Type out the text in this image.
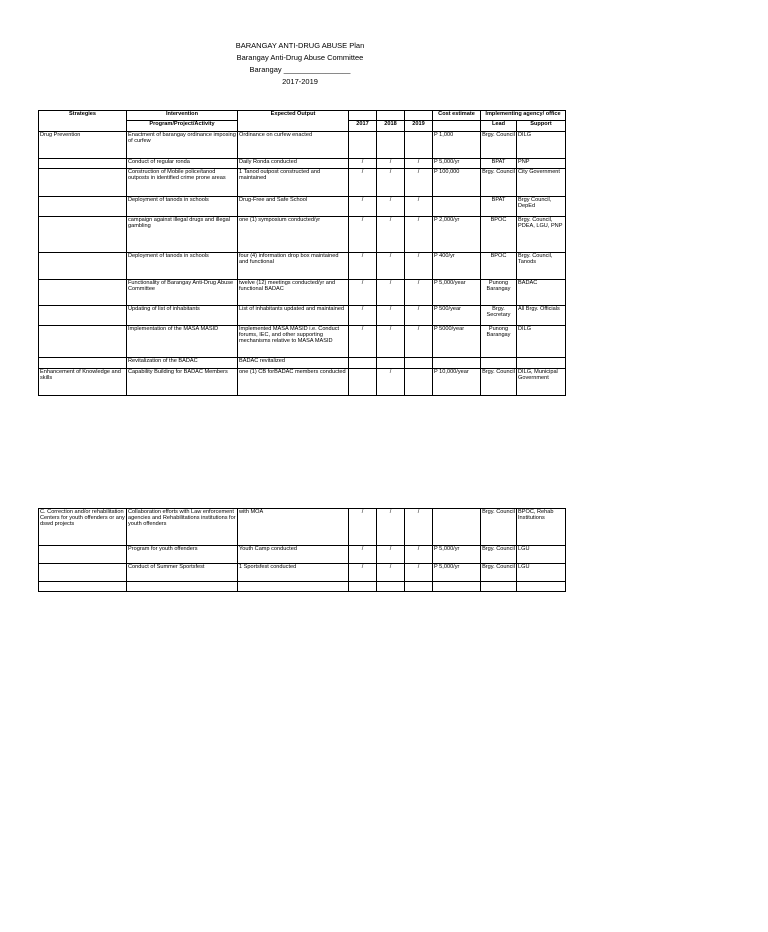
BARANGAY ANTI-DRUG ABUSE Plan
Barangay Anti-Drug Abuse Committee
Barangay ________________
2017-2019
Strategies	Intervention	Expected Output				Cost estimate	Implementing agency/ office	
	Program/Project/Activity		2017	2018	2019		Lead	Support
Drug Prevention	Enactment of barangay ordinance imposing of curfew	Ordinance on curfew enacted				P 1,000	Brgy. Council	DILG
	Conduct of regular ronda	Daily Ronda conducted	/	/	/	P 5,000/yr	BPAT	PNP
	Construction of Mobile police/tanod outposts in identified crime prone areas	1 Tanod outpost constructed and maintained	/	/	/	P 100,000	Brgy. Council	City Government
	Deployment of tanods in schools	Drug-Free and Safe School	/	/	/		BPAT	Brgy Council, DepEd
	campaign against illegal drugs and illegal gambling	one (1) symposium conducted/yr	/	/	/	P 2,000/yr	BPOC	Brgy. Council, PDEA, LGU, PNP
	Deployment of tanods in schools	four (4) information drop box maintained and functional	/	/	/	P 400/yr	BPOC	Brgy. Council, Tanods
	Functionality of Barangay Anti-Drug Abuse Committee	twelve (12) meetings conducted/yr and functional BADAC	/	/	/	P 5,000/year	Punong Barangay	BADAC
	Updating of list of inhabitants	List of inhabitants updated and maintained	/	/	/	P 500/year	Brgy. Secretary	All Brgy. Officials
	Implementation of the MASA MASID	Implemented MASA MASID i.e. Conduct forums, IEC, and other supporting mechanisms relative to MASA MASID	/	/	/	P 5000/year	Punong Barangay	DILG
	Revitalization of the BADAC	BADAC revitalized						
Enhancement of Knowledge and skills	Capability Building for BADAC Members	one (1) CB forBADAC members conducted		/		P 10,000/year	Brgy. Council	DILG, Municipal Government
C. Correction and/or rehabilitation Centers for youth offenders or any dswd projects	Collaboration efforts with Law enforcement agencies and Rehabilitations institutions for youth offenders	with MOA	/	/	/		Brgy. Council	BPOC, Rehab Institutions
	Program for youth offenders	Youth Camp conducted	/	/	/	P 5,000/yr	Brgy. Council	LGU
	Conduct of Summer Sportsfest	1 Sportsfest conducted	/	/	/	P 5,000/yr	Brgy. Council	LGU
